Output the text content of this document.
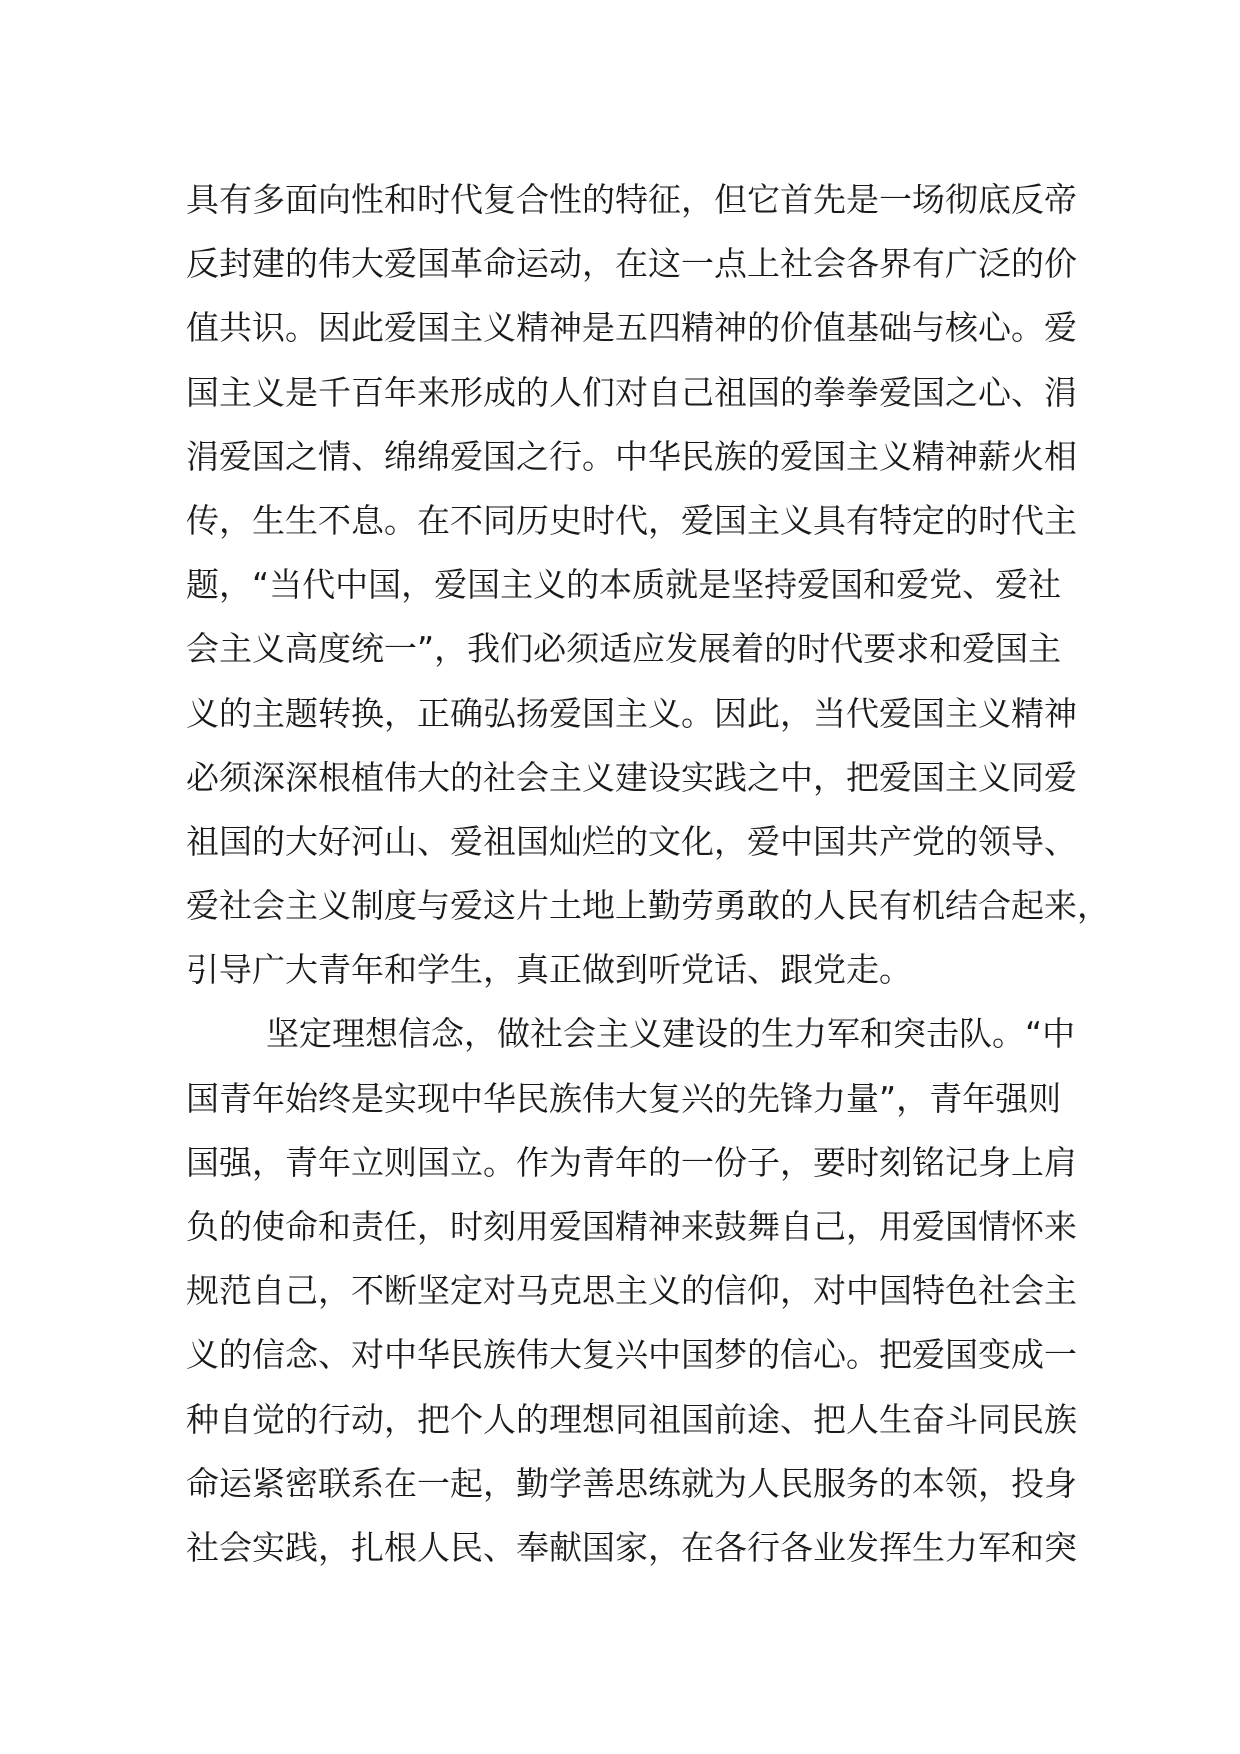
具有多面向性和时代复合性的特征，但它首先是一场彻底反帝
反封建的伟大爱国革命运动，在这一点上社会各界有广泛的价
值共识。因此爱国主义精神是五四精神的价值基础与核心。爱
国主义是千百年来形成的人们对自己祖国的拳拳爱国之心、涓
涓爱国之情、绵绵爱国之行。中华民族的爱国主义精神薪火相
传，生生不息。在不同历史时代，爱国主义具有特定的时代主
题，“当代中国，爱国主义的本质就是坚持爱国和爱党、爱社
会主义高度统一”，我们必须适应发展着的时代要求和爱国主
义的主题转换，正确弘扬爱国主义。因此，当代爱国主义精神
必须深深根植伟大的社会主义建设实践之中，把爱国主义同爱
祖国的大好河山、爱祖国灿烂的文化，爱中国共产党的领导、
爱社会主义制度与爱这片土地上勤劳勇敢的人民有机结合起来，
引导广大青年和学生，真正做到听党话、跟党走。
坚定理想信念，做社会主义建设的生力军和突击队。“中
国青年始终是实现中华民族伟大复兴的先锋力量”，青年强则
国强，青年立则国立。作为青年的一份子，要时刻铭记身上肩
负的使命和责任，时刻用爱国精神来鼓舞自己，用爱国情怀来
规范自己，不断坚定对马克思主义的信仰，对中国特色社会主
义的信念、对中华民族伟大复兴中国梦的信心。把爱国变成一
种自觉的行动，把个人的理想同祖国前途、把人生奋斗同民族
命运紧密联系在一起，勤学善思练就为人民服务的本领，投身
社会实践，扎根人民、奉献国家，在各行各业发挥生力军和突
